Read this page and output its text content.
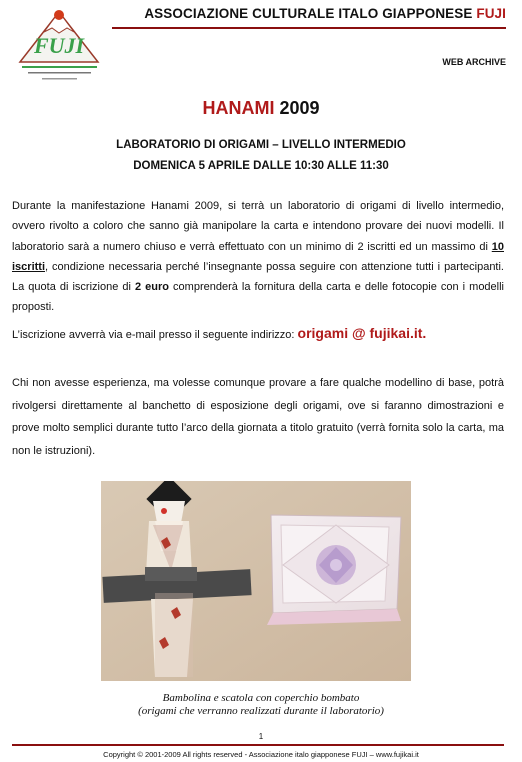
FUJI
ASSOCIAZIONE CULTURALE ITALO GIAPPONESE FUJI
WEB ARCHIVE
HANAMI 2009
LABORATORIO DI ORIGAMI – LIVELLO INTERMEDIO
DOMENICA 5 APRILE DALLE 10:30 ALLE 11:30
Durante la manifestazione Hanami 2009, si terrà un laboratorio di origami di livello intermedio, ovvero rivolto a coloro che sanno già manipolare la carta e intendono provare dei nuovi modelli. Il laboratorio sarà a numero chiuso e verrà effettuato con un minimo di 2 iscritti ed un massimo di 10 iscritti, condizione necessaria perché l’insegnante possa seguire con attenzione tutti i partecipanti. La quota di iscrizione di 2 euro comprenderà la fornitura della carta e delle fotocopie con i modelli proposti.
L’iscrizione avverrà via e-mail presso il seguente indirizzo: origami @ fujikai.it.
Chi non avesse esperienza, ma volesse comunque provare a fare qualche modellino di base, potrà rivolgersi direttamente al banchetto di esposizione degli origami, ove si faranno dimostrazioni e prove molto semplici durante tutto l’arco della giornata a titolo gratuito (verrà fornita solo la carta, ma non le istruzioni).
Bambolina e scatola con coperchio bombato
(origami che verranno realizzati durante il laboratorio)
1
Copyright © 2001-2009 All rights reserved - Associazione italo giapponese FUJI – www.fujikai.it
